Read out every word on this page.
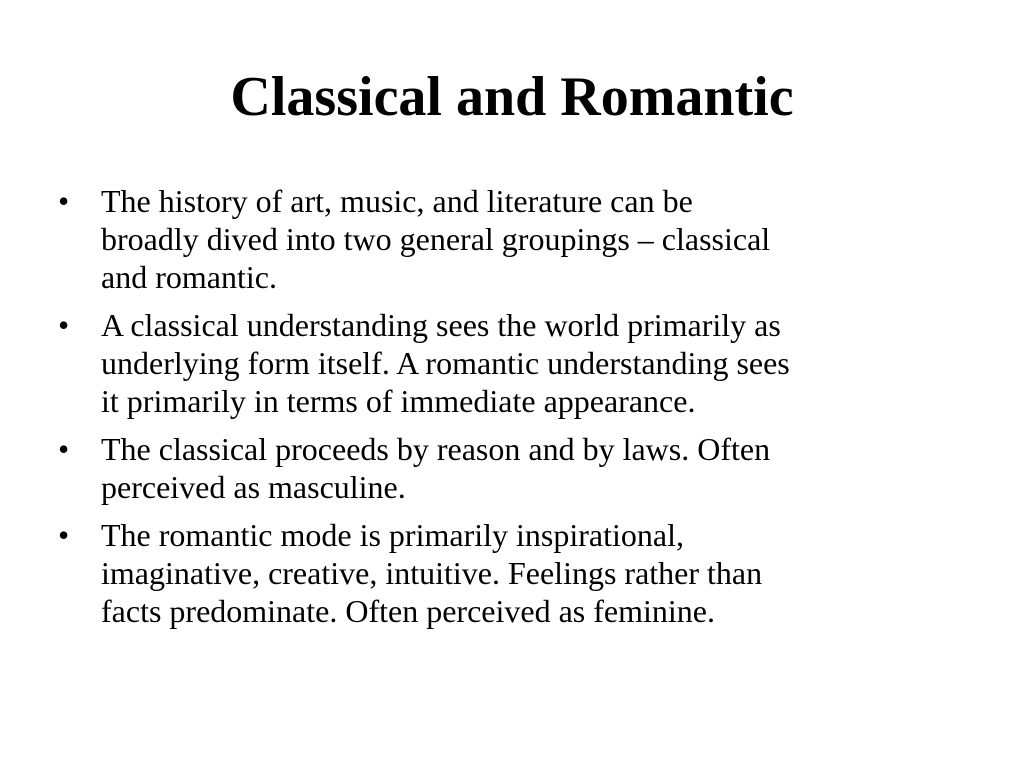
Classical and Romantic
• The history of art, music, and literature can be
broadly dived into two general groupings – classical
and romantic.
• A classical understanding sees the world primarily as
underlying form itself. A romantic understanding sees
it primarily in terms of immediate appearance.
• The classical proceeds by reason and by laws. Often
perceived as masculine.
• The romantic mode is primarily inspirational,
imaginative, creative, intuitive. Feelings rather than
facts predominate. Often perceived as feminine.
